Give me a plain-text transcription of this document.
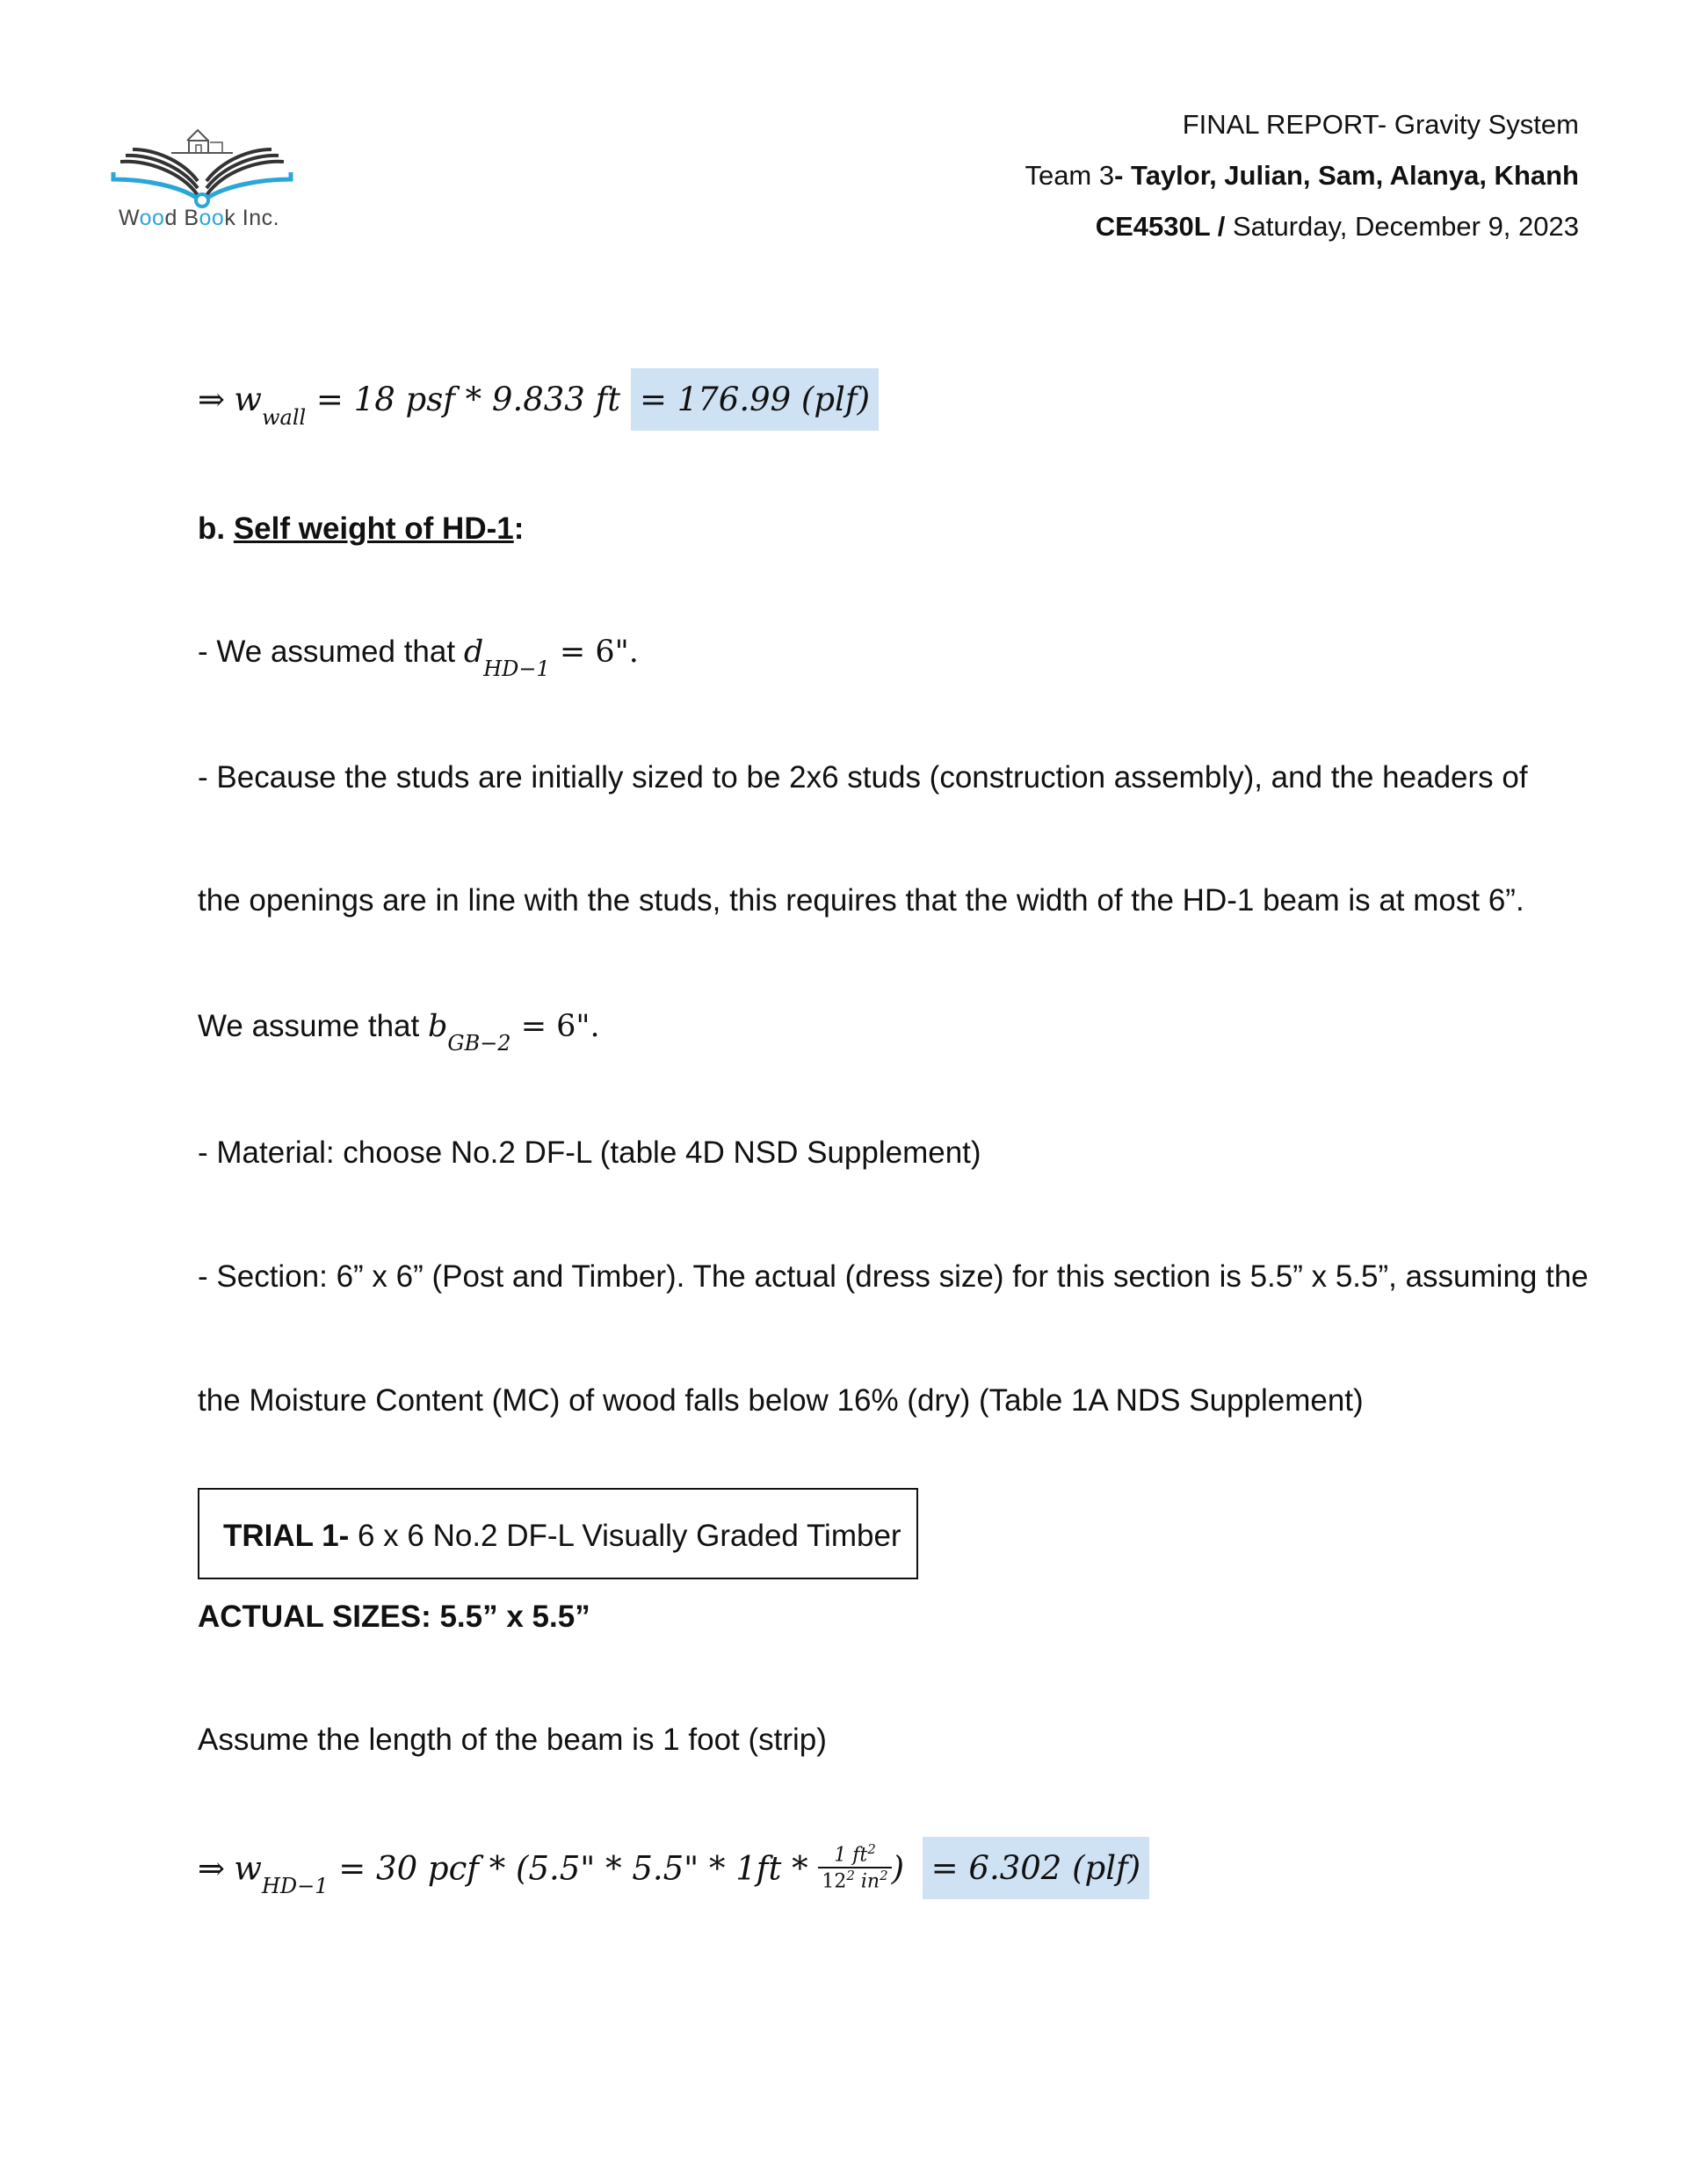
Wood Book Inc.
FINAL REPORT- Gravity System
Team 3- Taylor, Julian, Sam, Alanya, Khanh
CE4530L / Saturday, December 9, 2023
⇒ $w_{wall} = 18$ psf * 9.833 ft = 176.99 (plf)
b. Self weight of HD-1:
- We assumed that $d_{HD-1} = 6$".
- Because the studs are initially sized to be 2x6 studs (construction assembly), and the headers of
the openings are in line with the studs, this requires that the width of the HD-1 beam is at most 6”.
We assume that $b_{GB-2} = 6$".
- Material: choose No.2 DF-L (table 4D NSD Supplement)
- Section: 6” x 6” (Post and Timber). The actual (dress size) for this section is 5.5” x 5.5”, assuming the
the Moisture Content (MC) of wood falls below 16% (dry) (Table 1A NDS Supplement)
TRIAL 1- 6 x 6 No.2 DF-L Visually Graded Timber
ACTUAL SIZES: 5.5” x 5.5”
Assume the length of the beam is 1 foot (strip)
⇒ $w_{HD-1} = 30$ pcf * (5.5" * 5.5" * $1ft * \frac{1 ft^2}{12^2 in^2}$ ) = 6.302 (plf)
